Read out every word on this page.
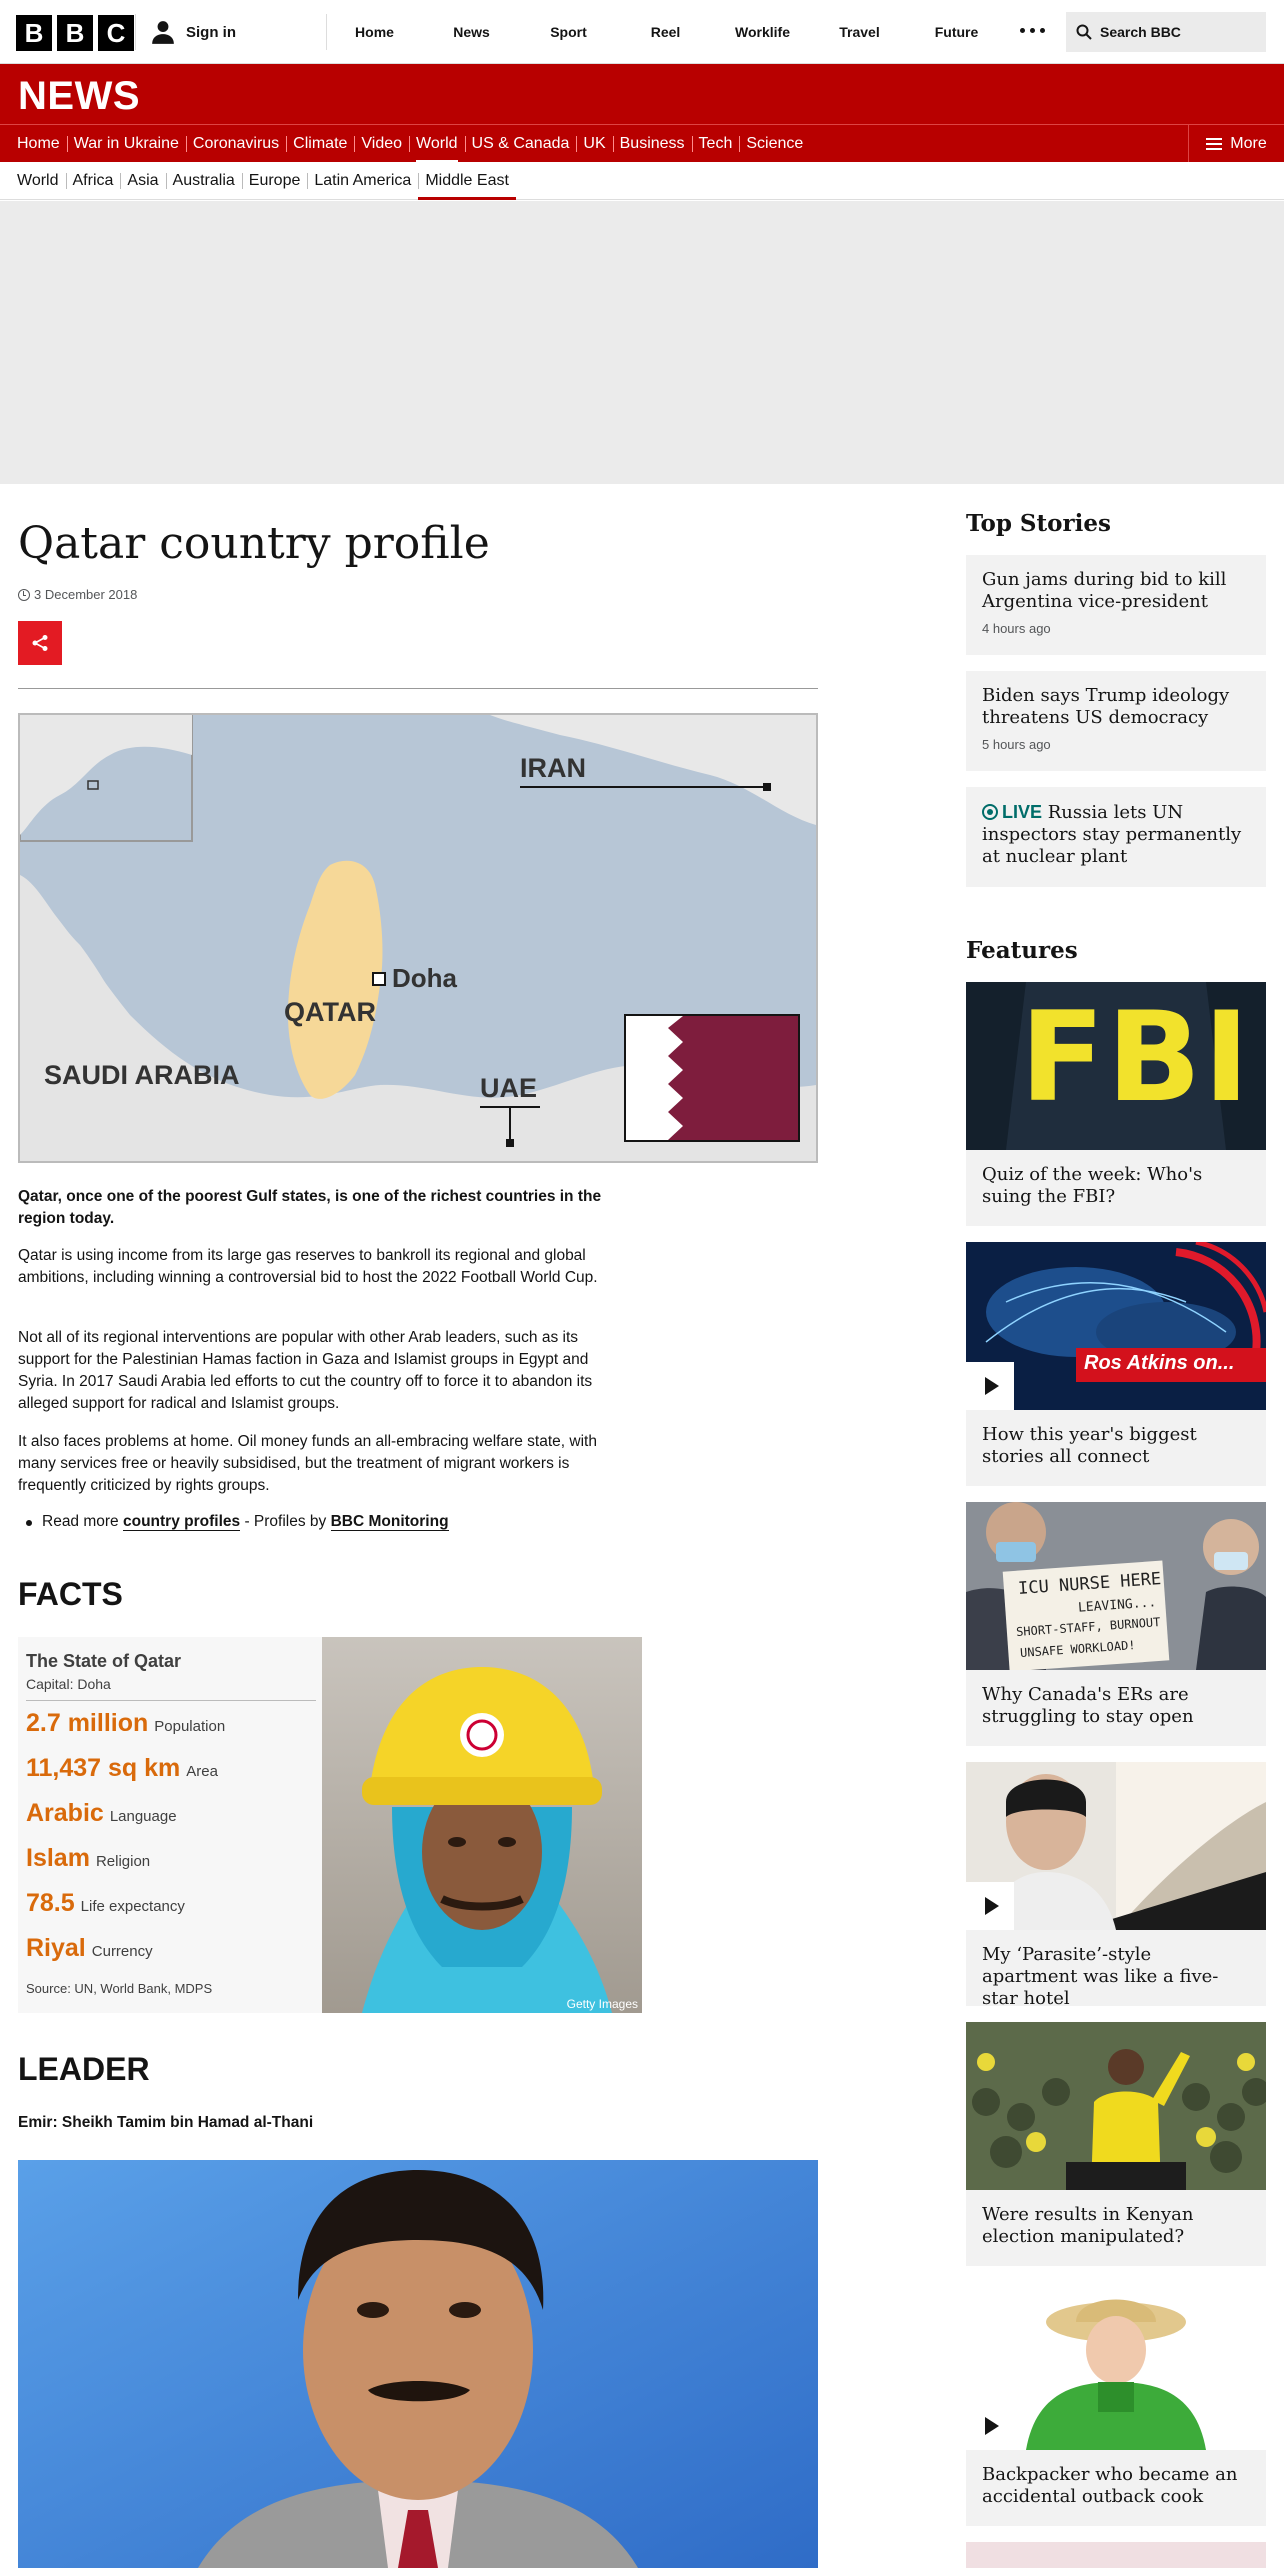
B B C	Sign in	Home	News	Sport	Reel	Worklife	Travel	Future	Search BBC
NEWS
Home War in Ukraine Coronavirus Climate Video World US & Canada UK Business Tech Science	More
World Africa Asia Australia Europe Latin America Middle East
Qatar country profile
3 December 2018
IRAN
Doha
QATAR
SAUDI ARABIA	UAE

Qatar, once one of the poorest Gulf states, is one of the richest countries in the region today.

Qatar is using income from its large gas reserves to bankroll its regional and global ambitions, including winning a controversial bid to host the 2022 Football World Cup.

Not all of its regional interventions are popular with other Arab leaders, such as its support for the Palestinian Hamas faction in Gaza and Islamist groups in Egypt and Syria. In 2017 Saudi Arabia led efforts to cut the country off to force it to abandon its alleged support for radical and Islamist groups.

It also faces problems at home. Oil money funds an all-embracing welfare state, with many services free or heavily subsidised, but the treatment of migrant workers is frequently criticized by rights groups.

Read more country profiles - Profiles by BBC Monitoring
FACTS
The State of Qatar
Capital: Doha
2.7 million Population
11,437 sq km Area
Arabic Language
Islam Religion
78.5 Life expectancy
Riyal Currency
Source: UN, World Bank, MDPS
Getty Images
LEADER
Emir: Sheikh Tamim bin Hamad al-Thani
Top Stories
Gun jams during bid to kill Argentina vice-president
4 hours ago
Biden says Trump ideology threatens US democracy
5 hours ago
LIVE Russia lets UN inspectors stay permanently at nuclear plant
Features
FBI
Quiz of the week: Who's suing the FBI?
Ros Atkins on...
How this year's biggest stories all connect
ICU NURSE HERE
LEAVING...
SHORT-STAFF, BURNOUT
UNSAFE WORKLOAD!
Why Canada's ERs are struggling to stay open
My ‘Parasite’-style apartment was like a five-star hotel
Were results in Kenyan election manipulated?
Backpacker who became an accidental outback cook
